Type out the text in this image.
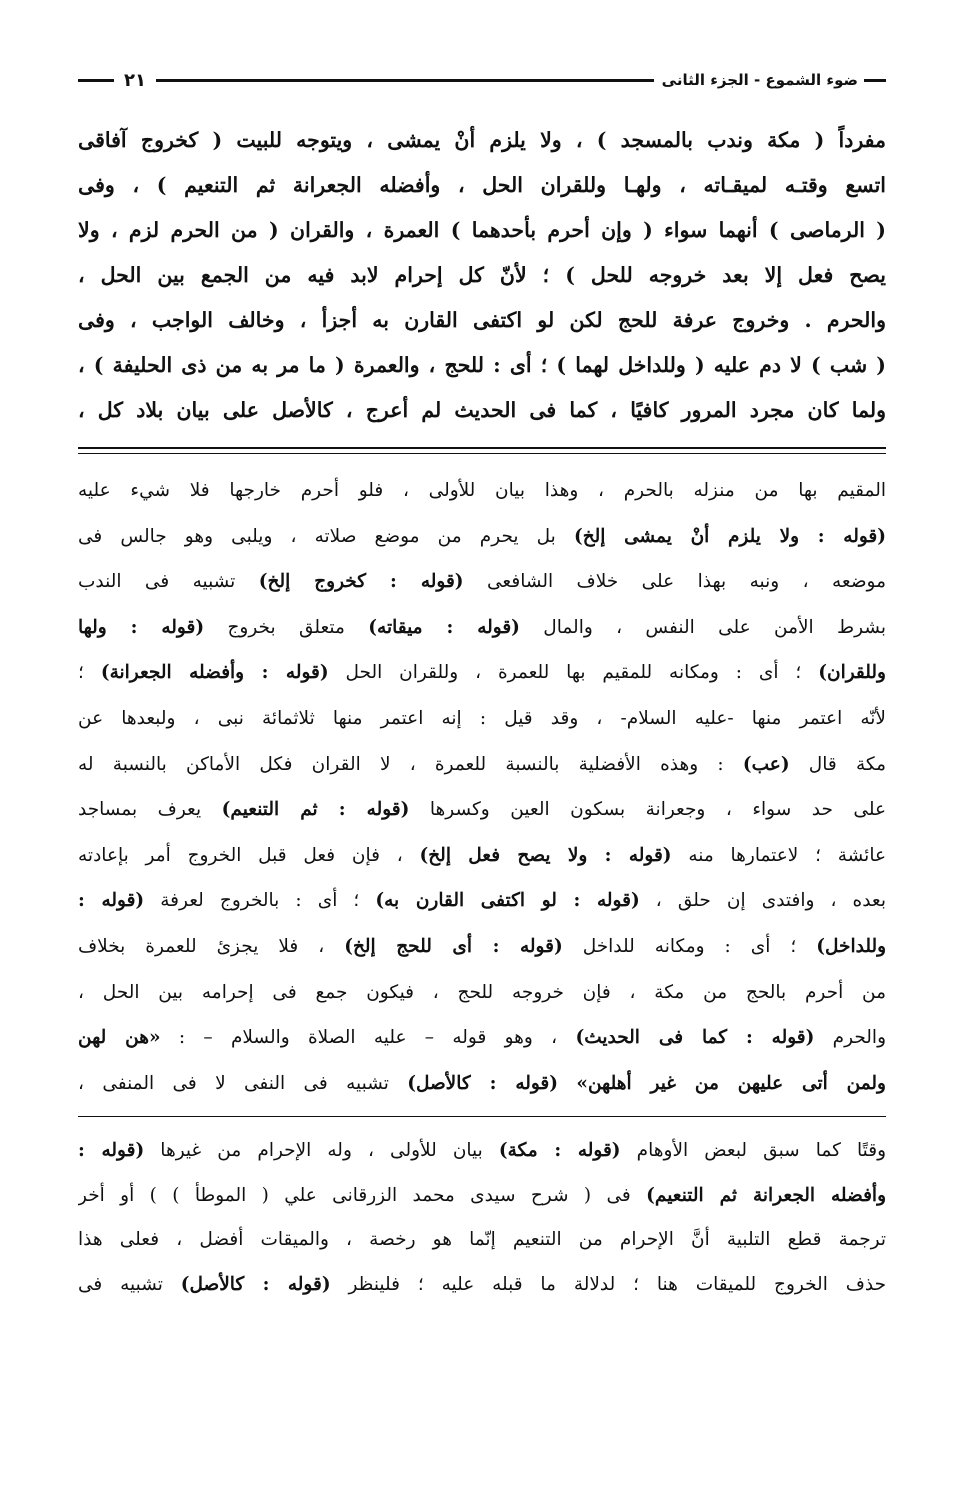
ضوء الشموع - الجزء الثانى
٢١
مفرداً ( مكة وندب بالمسجد ) ، ولا يلزم أنْ يمشى ، ويتوجه للبيت ( كخروج آفاقى
اتسع وقتـه لميقـاته ، ولهـا وللقران الحل ، وأفضله الجعرانة ثم التنعيم ) ، وفى
( الرماصى ) أنهما سواء ( وإن أحرم بأحدهما ) العمرة ، والقران ( من الحرم لزم ، ولا
يصح فعل إلا بعد خروجه للحل ) ؛ لأنّ كل إحرام لابد فيه من الجمع بين الحل ،
والحرم . وخروج عرفة للحج لكن لو اكتفى القارن به أجزأ ، وخالف الواجب ، وفى
( شب ) لا دم عليه ( وللداخل لهما ) ؛ أى : للحج ، والعمرة ( ما مر به من ذى الحليفة ) ،
ولما كان مجرد المرور كافيًا ، كما فى الحديث لم أعرج ، كالأصل على بيان بلاد كل ،
المقيم بها من منزله بالحرم ، وهذا بيان للأولى ، فلو أحرم خارجها فلا شيء عليه
(قوله : ولا يلزم أنْ يمشى إلخ) بل يحرم من موضع صلاته ، ويلبى وهو جالس فى
موضعه ، ونبه بهذا على خلاف الشافعى (قوله : كخروج إلخ) تشبيه فى الندب
بشرط الأمن على النفس ، والمال (قوله : ميقاته) متعلق بخروج (قوله : ولها
وللقران) ؛ أى : ومكانه للمقيم بها للعمرة ، وللقران الحل (قوله : وأفضله الجعرانة) ؛
لأنّه اعتمر منها -عليه السلام- ، وقد قيل : إنه اعتمر منها ثلاثمائة نبى ، ولبعدها عن
مكة قال (عب) : وهذه الأفضلية بالنسبة للعمرة ، لا القران فكل الأماكن بالنسبة له
على حد سواء ، وجعرانة بسكون العين وكسرها (قوله : ثم التنعيم) يعرف بمساجد
عائشة ؛ لاعتمارها منه (قوله : ولا يصح فعل إلخ) ، فإن فعل قبل الخروج أمر بإعادته
بعده ، وافتدى إن حلق ، (قوله : لو اكتفى القارن به) ؛ أى : بالخروج لعرفة (قوله :
وللداخل) ؛ أى : ومكانه للداخل (قوله : أى للحج إلخ) ، فلا يجزئ للعمرة بخلاف
من أحرم بالحج من مكة ، فإن خروجه للحج ، فيكون جمع فى إحرامه بين الحل ،
والحرم (قوله : كما فى الحديث) ، وهو قوله – عليه الصلاة والسلام – : «هن لهن
ولمن أتى عليهن من غير أهلهن» (قوله : كالأصل) تشبيه فى النفى لا فى المنفى ،
وقتًا كما سبق لبعض الأوهام (قوله : مكة) بيان للأولى ، وله الإحرام من غيرها (قوله :
وأفضله الجعرانة ثم التنعيم) فى ( شرح سيدى محمد الزرقانى علي ( الموطأ ) ) أو أخر
ترجمة قطع التلبية أنَّ الإحرام من التنعيم إنّما هو رخصة ، والميقات أفضل ، فعلى هذا
حذف الخروج للميقات هنا ؛ لدلالة ما قبله عليه ؛ فلينظر (قوله : كالأصل) تشبيه فى
